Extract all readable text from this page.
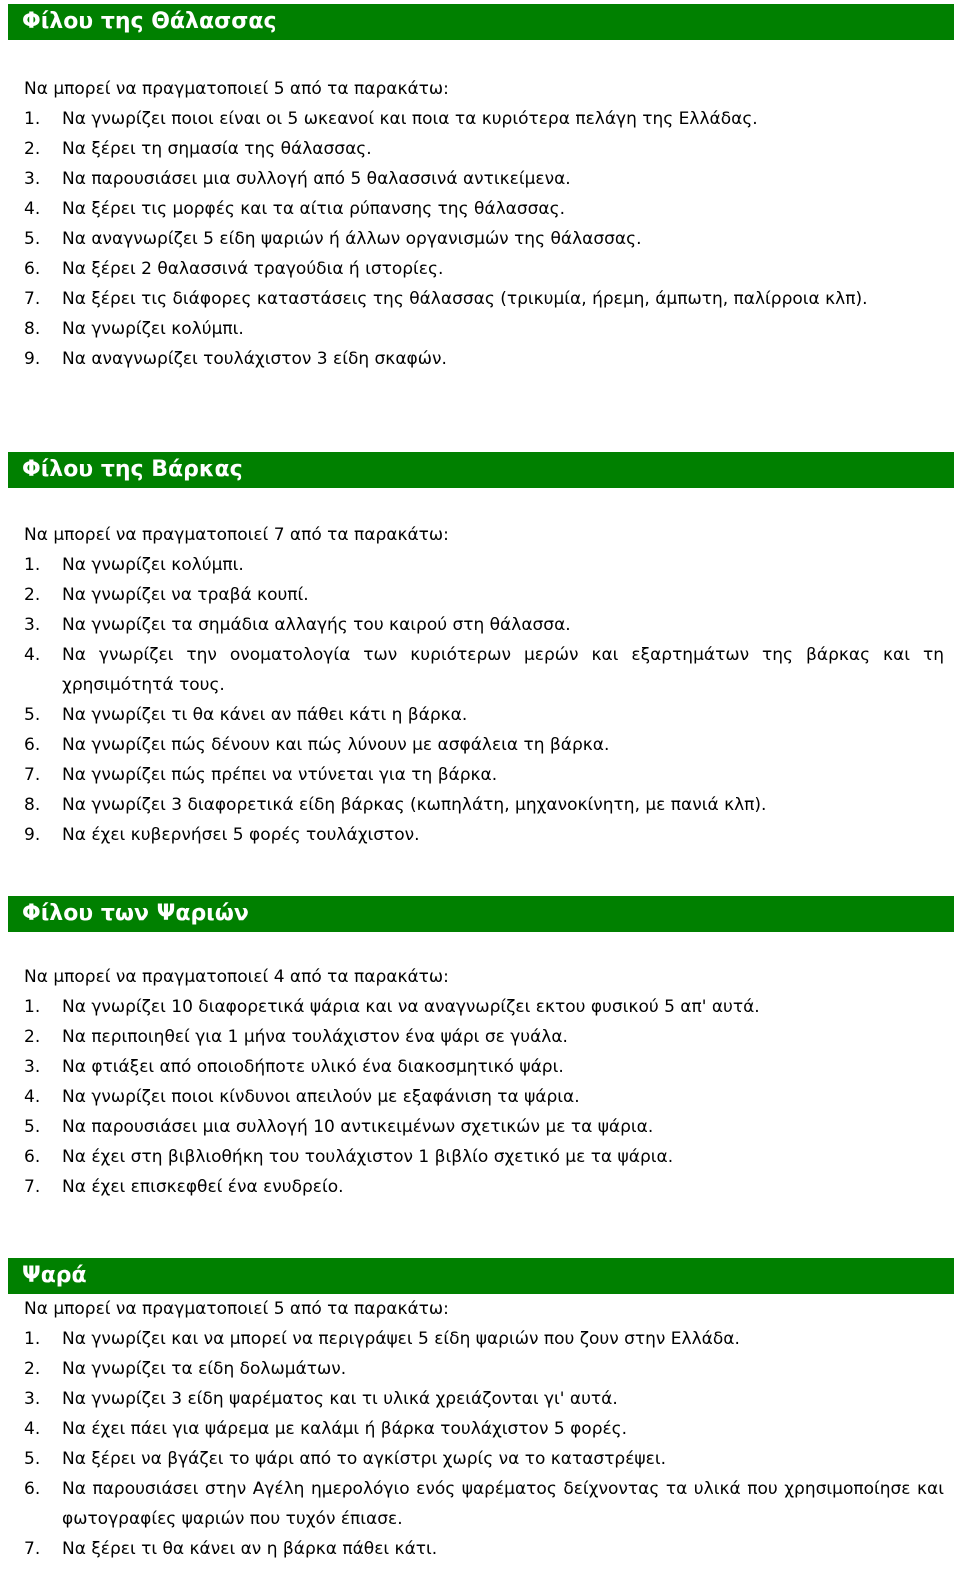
Φίλου της Θάλασσας
Να μπορεί να πραγματοποιεί 5 από τα παρακάτω:
1.	Να γνωρίζει ποιοι είναι οι 5 ωκεανοί και ποια τα κυριότερα πελάγη της Ελλάδας.
2.	Να ξέρει τη σημασία της θάλασσας.
3.	Να παρουσιάσει μια συλλογή από 5 θαλασσινά αντικείμενα.
4.	Να ξέρει τις μορφές και τα αίτια ρύπανσης της θάλασσας.
5.	Να αναγνωρίζει 5 είδη ψαριών ή άλλων οργανισμών της θάλασσας.
6.	Να ξέρει 2 θαλασσινά τραγούδια ή ιστορίες.
7.	Να ξέρει τις διάφορες καταστάσεις της θάλασσας (τρικυμία, ήρεμη, άμπωτη, παλίρροια κλπ).
8.	Να γνωρίζει κολύμπι.
9.	Να αναγνωρίζει τουλάχιστον 3 είδη σκαφών.
Φίλου της Βάρκας
Να μπορεί να πραγματοποιεί 7 από τα παρακάτω:
1.	Να γνωρίζει κολύμπι.
2.	Να γνωρίζει να τραβά κουπί.
3.	Να γνωρίζει τα σημάδια αλλαγής του καιρού στη θάλασσα.
4.	Να γνωρίζει την ονοματολογία των κυριότερων μερών και εξαρτημάτων της βάρκας και τη χρησιμότητά τους.
5.	Να γνωρίζει τι θα κάνει αν πάθει κάτι η βάρκα.
6.	Να γνωρίζει πώς δένουν και πώς λύνουν με ασφάλεια τη βάρκα.
7.	Να γνωρίζει πώς πρέπει να ντύνεται για τη βάρκα.
8.	Να γνωρίζει 3 διαφορετικά είδη βάρκας (κωπηλάτη, μηχανοκίνητη, με πανιά κλπ).
9.	Να έχει κυβερνήσει 5 φορές τουλάχιστον.
Φίλου των Ψαριών
Να μπορεί να πραγματοποιεί 4 από τα παρακάτω:
1.	Να γνωρίζει 10 διαφορετικά ψάρια και να αναγνωρίζει εκτου φυσικού 5 απ' αυτά.
2.	Να περιποιηθεί για 1 μήνα τουλάχιστον ένα ψάρι σε γυάλα.
3.	Να φτιάξει από οποιοδήποτε υλικό ένα διακοσμητικό ψάρι.
4.	Να γνωρίζει ποιοι κίνδυνοι απειλούν με εξαφάνιση τα ψάρια.
5.	Να παρουσιάσει μια συλλογή 10 αντικειμένων σχετικών με τα ψάρια.
6.	Να έχει στη βιβλιοθήκη του τουλάχιστον 1 βιβλίο σχετικό με τα ψάρια.
7.	Να έχει επισκεφθεί ένα ενυδρείο.
Ψαρά
Να μπορεί να πραγματοποιεί 5 από τα παρακάτω:
1.	Να γνωρίζει και να μπορεί να περιγράψει 5 είδη ψαριών που ζουν στην Ελλάδα.
2.	Να γνωρίζει τα είδη δολωμάτων.
3.	Να γνωρίζει 3 είδη ψαρέματος και τι υλικά χρειάζονται γι' αυτά.
4.	Να έχει πάει για ψάρεμα με καλάμι ή βάρκα τουλάχιστον 5 φορές.
5.	Να ξέρει να βγάζει το ψάρι από το αγκίστρι χωρίς να το καταστρέψει.
6.	Να παρουσιάσει στην Αγέλη ημερολόγιο ενός ψαρέματος δείχνοντας τα υλικά που χρησιμοποίησε και φωτογραφίες ψαριών που τυχόν έπιασε.
7.	Να ξέρει τι θα κάνει αν η βάρκα πάθει κάτι.
